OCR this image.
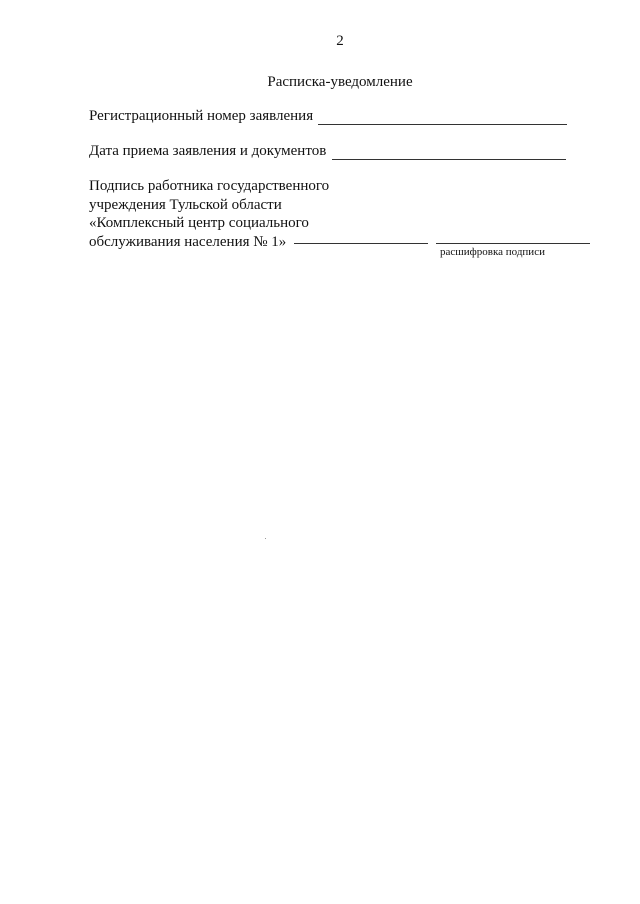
2
Расписка-уведомление
Регистрационный номер заявления
Дата приема заявления и документов
Подпись работника государственного
учреждения Тульской области
«Комплексный центр социального
обслуживания населения № 1»
расшифровка подписи
